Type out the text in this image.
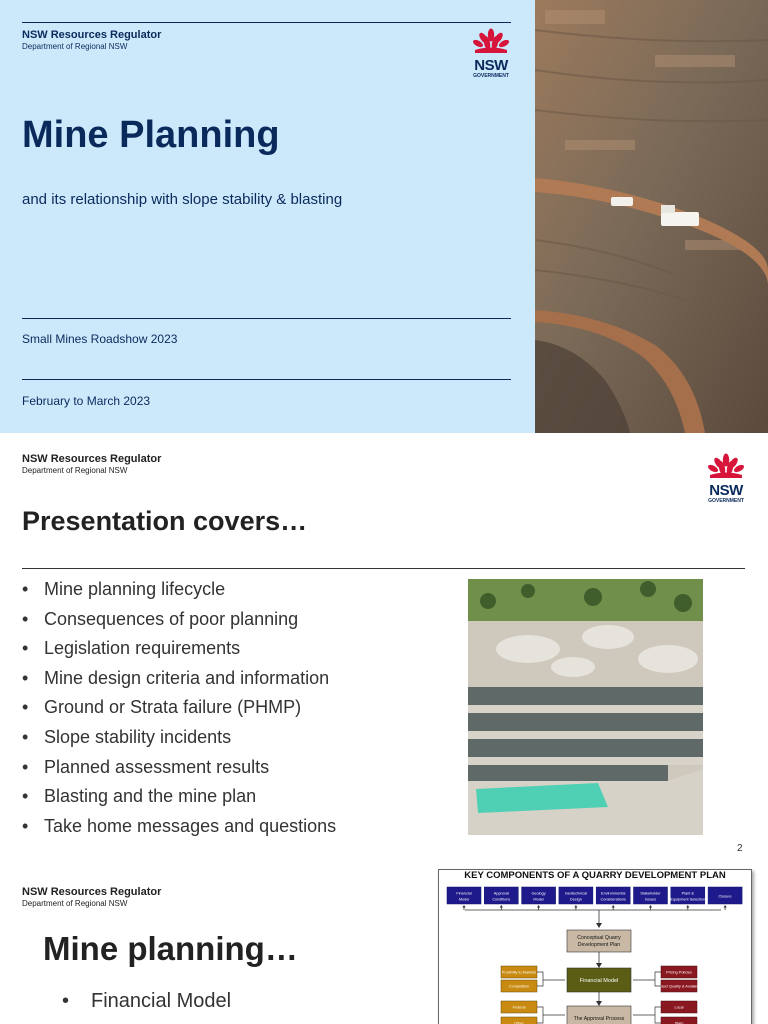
NSW Resources Regulator
Department of Regional NSW
NSW
GOVERNMENT
Mine Planning
and its relationship with slope stability & blasting
Small Mines Roadshow 2023
February to March 2023
NSW Resources Regulator
Department of Regional NSW
NSW
GOVERNMENT
Presentation covers…
• Mine planning lifecycle
• Consequences of poor planning
• Legislation requirements
• Mine design criteria and information
• Ground or Strata failure (PHMP)
• Slope stability incidents
• Planned assessment results
• Blasting and the mine plan
• Take home messages and questions
2
NSW Resources Regulator
Department of Regional NSW
Mine planning…
• Financial Model
KEY COMPONENTS OF A QUARRY DEVELOPMENT PLAN
Financial
Model
Approval
Conditions
Geology
Model
Geotechnical
Design
Environmental
Considerations
Stakeholder
Issues
Plant &
Equipment Selection
Closure
Conceptual Quarry
Development Plan
Financial Model
The Approval Process
Proximity to Markets
Competition
Federal
Other
Pricing Policies
Product Quality & Availability
Local
State
